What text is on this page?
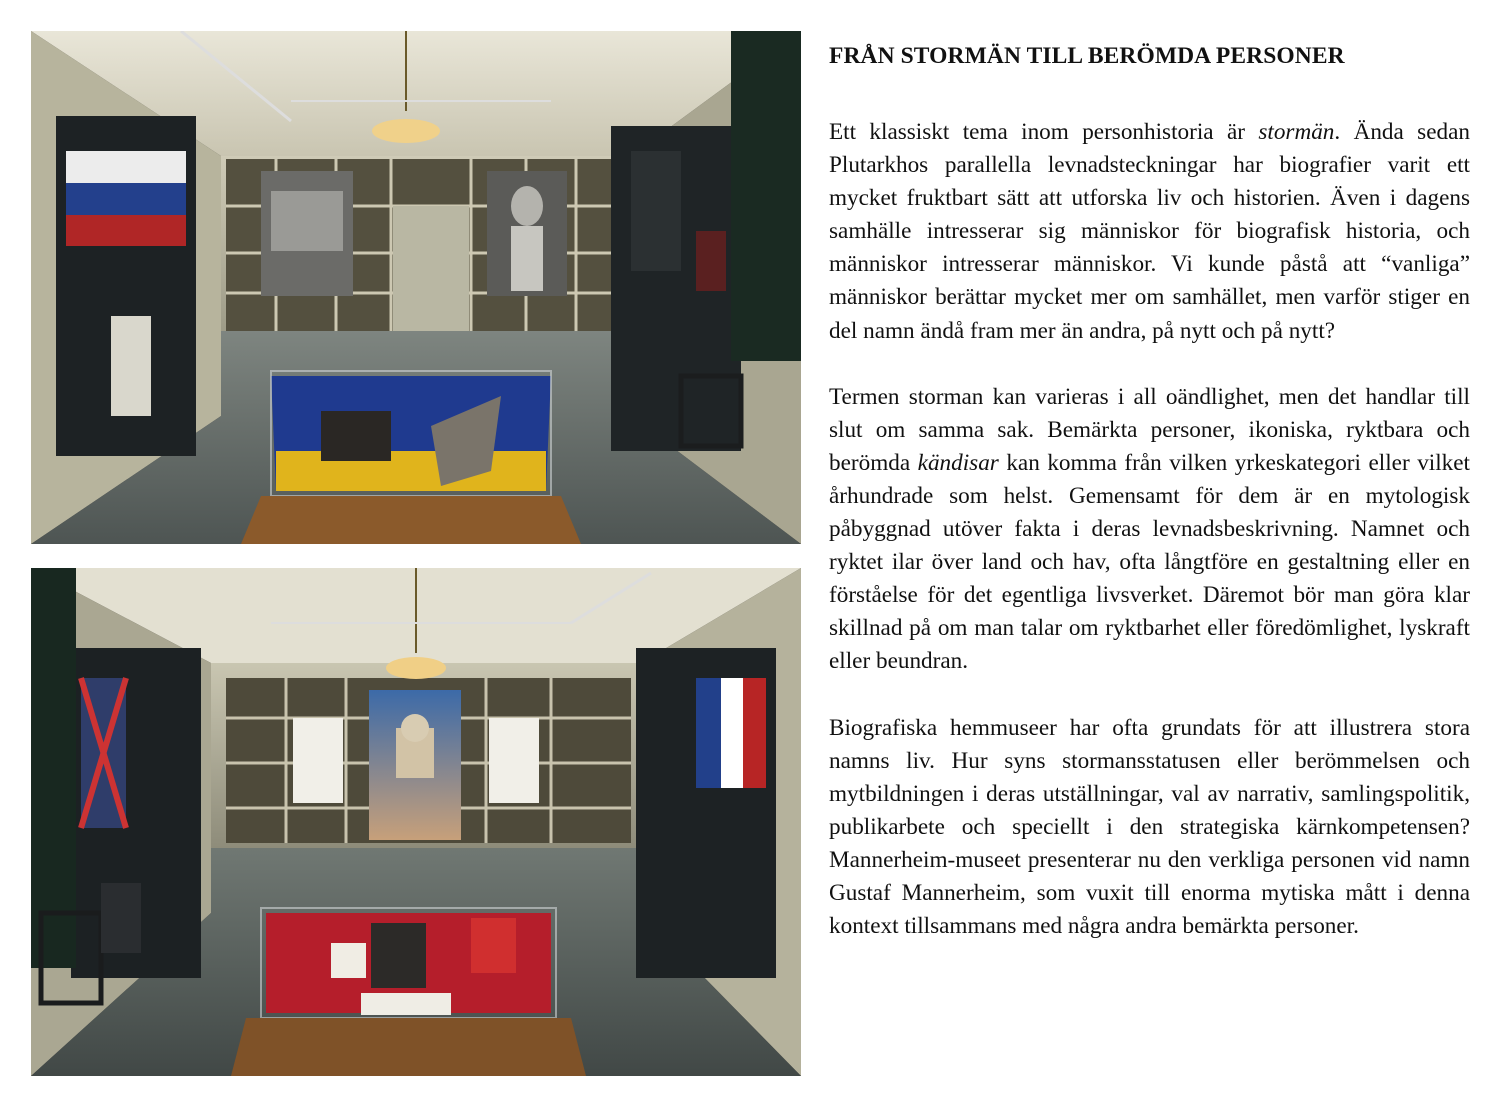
FRÅN STORMÄN TILL BERÖMDA PERSONER

Ett klassiskt tema inom personhistoria är stormän. Ända sedan Plutarkhos parallella levnadsteckningar har biografier varit ett mycket fruktbart sätt att utforska liv och historien. Även i dagens samhälle intresserar sig människor för biografisk historia, och människor intresserar människor. Vi kunde påstå att “vanliga” människor berättar mycket mer om samhället, men varför stiger en del namn ändå fram mer än andra, på nytt och på nytt?

Termen storman kan varieras i all oändlighet, men det handlar till slut om samma sak. Bemärkta personer, ikoniska, ryktbara och berömda kändisar kan komma från vilken yrkeskategori eller vilket århundrade som helst. Gemensamt för dem är en mytologisk påbyggnad utöver fakta i deras levnadsbeskrivning. Namnet och ryktet ilar över land och hav, ofta långtföre en gestaltning eller en förståelse för det egentliga livsverket. Däremot bör man göra klar skillnad på om man talar om ryktbarhet eller föredömlighet, lyskraft eller beundran.

Biografiska hemmuseer har ofta grundats för att illustrera stora namns liv. Hur syns stormansstatusen eller berömmelsen och mytbildningen i deras utställningar, val av narrativ, samlingspolitik, publikarbete och speciellt i den strategiska kärnkompetensen? Mannerheim-museet presenterar nu den verkliga personen vid namn Gustaf Mannerheim, som vuxit till enorma mytiska mått i denna kontext tillsammans med några andra bemärkta personer.
